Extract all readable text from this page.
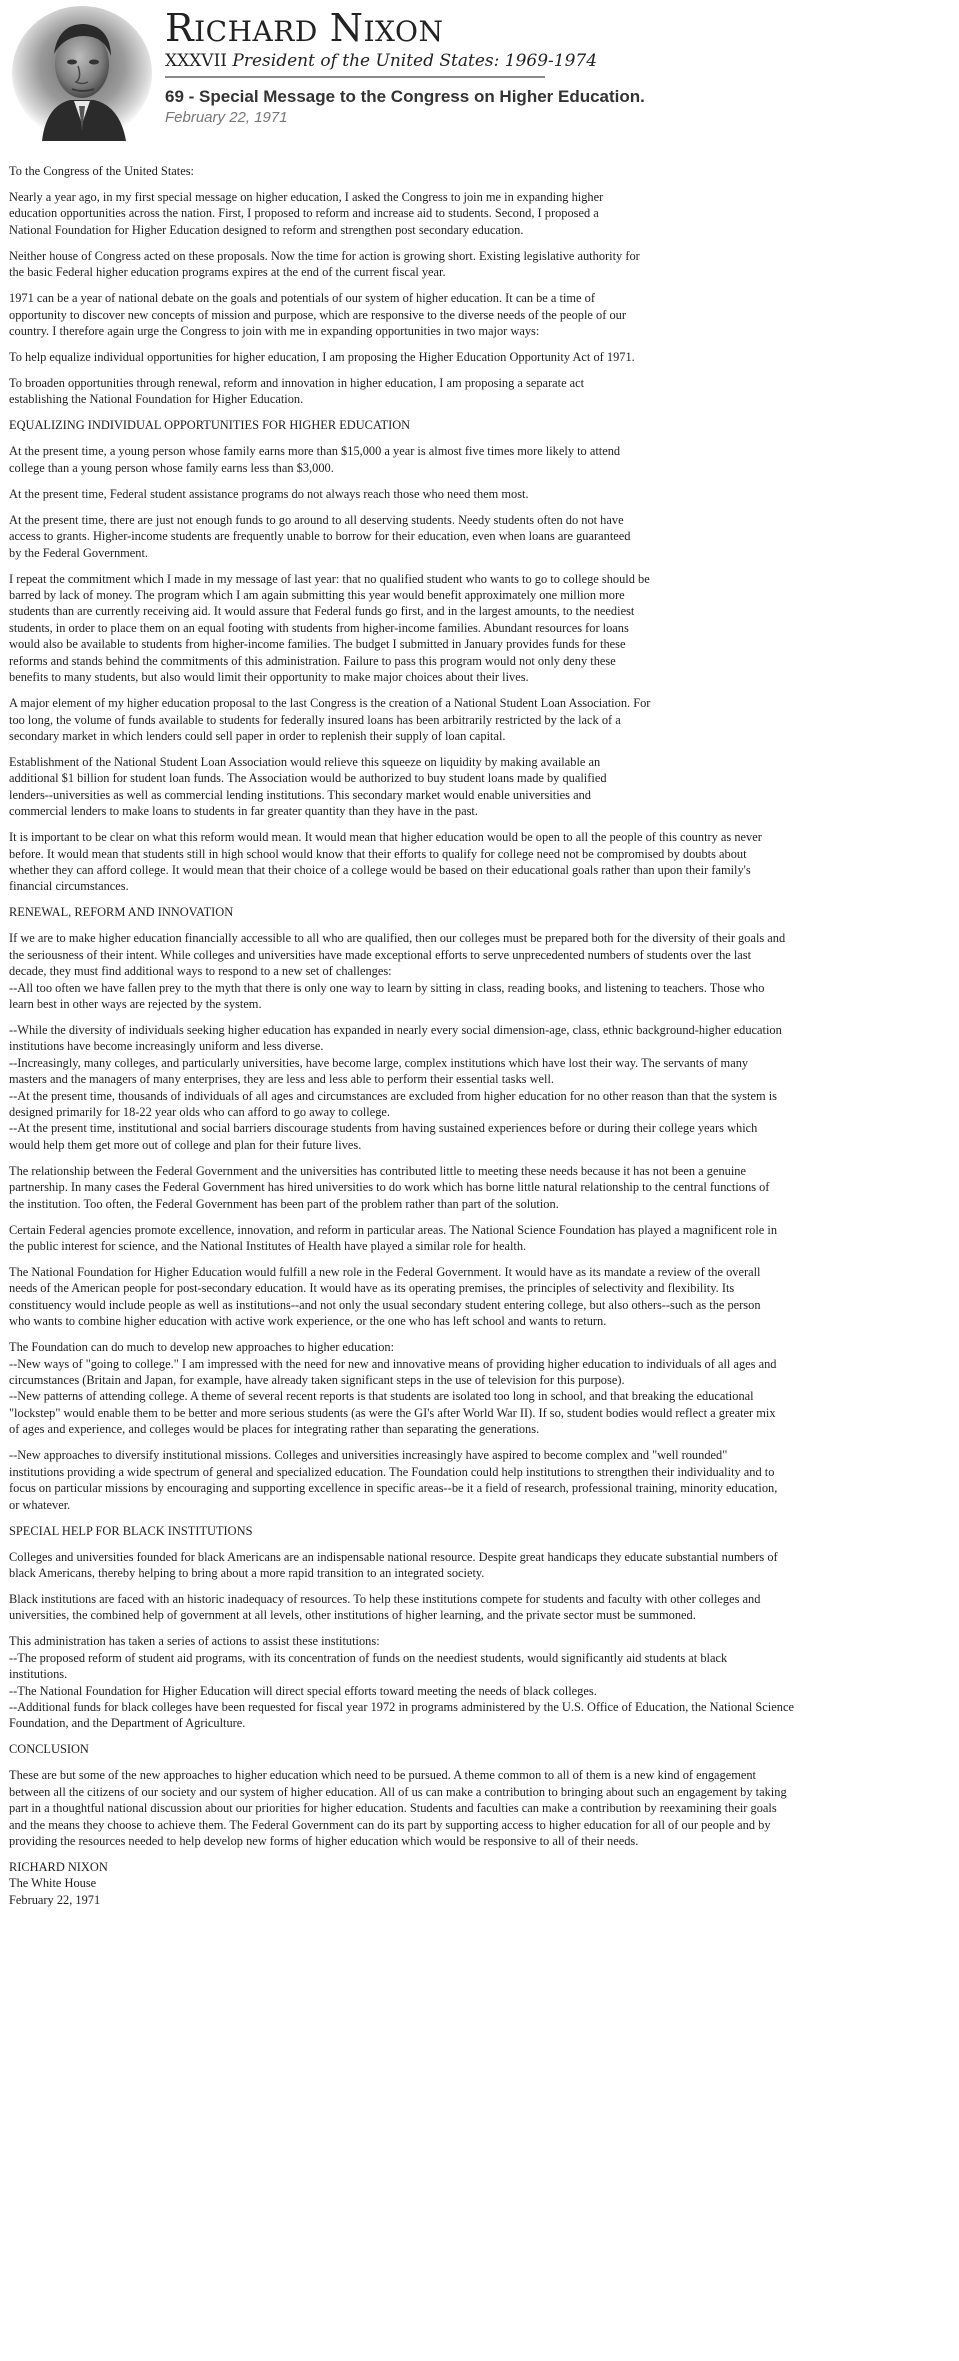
RICHARD NIXON
XXXVII President of the United States: 1969-1974
69 - Special Message to the Congress on Higher Education.
February 22, 1971

To the Congress of the United States:

Nearly a year ago, in my first special message on higher education, I asked the Congress to join me in expanding higher
education opportunities across the nation. First, I proposed to reform and increase aid to students. Second, I proposed a
National Foundation for Higher Education designed to reform and strengthen post secondary education.

Neither house of Congress acted on these proposals. Now the time for action is growing short. Existing legislative authority for
the basic Federal higher education programs expires at the end of the current fiscal year.

1971 can be a year of national debate on the goals and potentials of our system of higher education. It can be a time of
opportunity to discover new concepts of mission and purpose, which are responsive to the diverse needs of the people of our
country. I therefore again urge the Congress to join with me in expanding opportunities in two major ways:

To help equalize individual opportunities for higher education, I am proposing the Higher Education Opportunity Act of 1971.

To broaden opportunities through renewal, reform and innovation in higher education, I am proposing a separate act
establishing the National Foundation for Higher Education.

EQUALIZING INDIVIDUAL OPPORTUNITIES FOR HIGHER EDUCATION

At the present time, a young person whose family earns more than $15,000 a year is almost five times more likely to attend
college than a young person whose family earns less than $3,000.

At the present time, Federal student assistance programs do not always reach those who need them most.

At the present time, there are just not enough funds to go around to all deserving students. Needy students often do not have
access to grants. Higher-income students are frequently unable to borrow for their education, even when loans are guaranteed
by the Federal Government.

I repeat the commitment which I made in my message of last year: that no qualified student who wants to go to college should be
barred by lack of money. The program which I am again submitting this year would benefit approximately one million more
students than are currently receiving aid. It would assure that Federal funds go first, and in the largest amounts, to the neediest
students, in order to place them on an equal footing with students from higher-income families. Abundant resources for loans
would also be available to students from higher-income families. The budget I submitted in January provides funds for these
reforms and stands behind the commitments of this administration. Failure to pass this program would not only deny these
benefits to many students, but also would limit their opportunity to make major choices about their lives.

A major element of my higher education proposal to the last Congress is the creation of a National Student Loan Association. For
too long, the volume of funds available to students for federally insured loans has been arbitrarily restricted by the lack of a
secondary market in which lenders could sell paper in order to replenish their supply of loan capital.

Establishment of the National Student Loan Association would relieve this squeeze on liquidity by making available an
additional $1 billion for student loan funds. The Association would be authorized to buy student loans made by qualified
lenders--universities as well as commercial lending institutions. This secondary market would enable universities and
commercial lenders to make loans to students in far greater quantity than they have in the past.

It is important to be clear on what this reform would mean. It would mean that higher education would be open to all the people of this country as never
before. It would mean that students still in high school would know that their efforts to qualify for college need not be compromised by doubts about
whether they can afford college. It would mean that their choice of a college would be based on their educational goals rather than upon their family's
financial circumstances.

RENEWAL, REFORM AND INNOVATION

If we are to make higher education financially accessible to all who are qualified, then our colleges must be prepared both for the diversity of their goals and
the seriousness of their intent. While colleges and universities have made exceptional efforts to serve unprecedented numbers of students over the last
decade, they must find additional ways to respond to a new set of challenges:
--All too often we have fallen prey to the myth that there is only one way to learn by sitting in class, reading books, and listening to teachers. Those who
learn best in other ways are rejected by the system.

--While the diversity of individuals seeking higher education has expanded in nearly every social dimension-age, class, ethnic background-higher education
institutions have become increasingly uniform and less diverse.
--Increasingly, many colleges, and particularly universities, have become large, complex institutions which have lost their way. The servants of many
masters and the managers of many enterprises, they are less and less able to perform their essential tasks well.
--At the present time, thousands of individuals of all ages and circumstances are excluded from higher education for no other reason than that the system is
designed primarily for 18-22 year olds who can afford to go away to college.
--At the present time, institutional and social barriers discourage students from having sustained experiences before or during their college years which
would help them get more out of college and plan for their future lives.

The relationship between the Federal Government and the universities has contributed little to meeting these needs because it has not been a genuine
partnership. In many cases the Federal Government has hired universities to do work which has borne little natural relationship to the central functions of
the institution. Too often, the Federal Government has been part of the problem rather than part of the solution.

Certain Federal agencies promote excellence, innovation, and reform in particular areas. The National Science Foundation has played a magnificent role in
the public interest for science, and the National Institutes of Health have played a similar role for health.

The National Foundation for Higher Education would fulfill a new role in the Federal Government. It would have as its mandate a review of the overall
needs of the American people for post-secondary education. It would have as its operating premises, the principles of selectivity and flexibility. Its
constituency would include people as well as institutions--and not only the usual secondary student entering college, but also others--such as the person
who wants to combine higher education with active work experience, or the one who has left school and wants to return.

The Foundation can do much to develop new approaches to higher education:
--New ways of "going to college." I am impressed with the need for new and innovative means of providing higher education to individuals of all ages and
circumstances (Britain and Japan, for example, have already taken significant steps in the use of television for this purpose).
--New patterns of attending college. A theme of several recent reports is that students are isolated too long in school, and that breaking the educational
"lockstep" would enable them to be better and more serious students (as were the GI's after World War II). If so, student bodies would reflect a greater mix
of ages and experience, and colleges would be places for integrating rather than separating the generations.

--New approaches to diversify institutional missions. Colleges and universities increasingly have aspired to become complex and "well rounded"
institutions providing a wide spectrum of general and specialized education. The Foundation could help institutions to strengthen their individuality and to
focus on particular missions by encouraging and supporting excellence in specific areas--be it a field of research, professional training, minority education,
or whatever.

SPECIAL HELP FOR BLACK INSTITUTIONS

Colleges and universities founded for black Americans are an indispensable national resource. Despite great handicaps they educate substantial numbers of
black Americans, thereby helping to bring about a more rapid transition to an integrated society.

Black institutions are faced with an historic inadequacy of resources. To help these institutions compete for students and faculty with other colleges and
universities, the combined help of government at all levels, other institutions of higher learning, and the private sector must be summoned.

This administration has taken a series of actions to assist these institutions:
--The proposed reform of student aid programs, with its concentration of funds on the neediest students, would significantly aid students at black
institutions.
--The National Foundation for Higher Education will direct special efforts toward meeting the needs of black colleges.
--Additional funds for black colleges have been requested for fiscal year 1972 in programs administered by the U.S. Office of Education, the National Science
Foundation, and the Department of Agriculture.

CONCLUSION

These are but some of the new approaches to higher education which need to be pursued. A theme common to all of them is a new kind of engagement
between all the citizens of our society and our system of higher education. All of us can make a contribution to bringing about such an engagement by taking
part in a thoughtful national discussion about our priorities for higher education. Students and faculties can make a contribution by reexamining their goals
and the means they choose to achieve them. The Federal Government can do its part by supporting access to higher education for all of our people and by
providing the resources needed to help develop new forms of higher education which would be responsive to all of their needs.

RICHARD NIXON
The White House
February 22, 1971
